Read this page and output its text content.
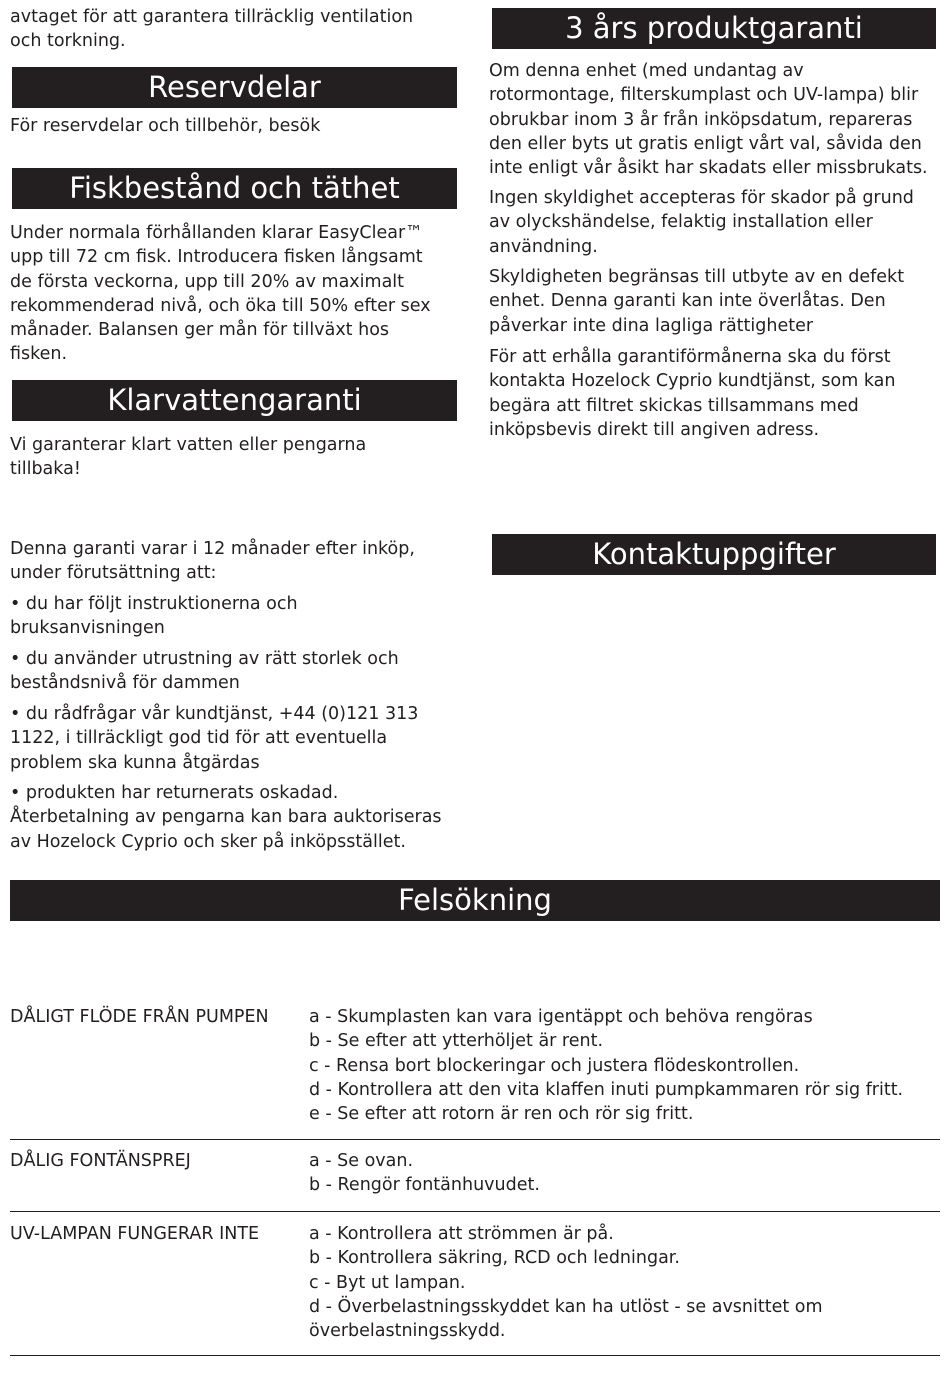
avtaget för att garantera tillräcklig ventilation
och torkning.

Reservdelar

För reservdelar och tillbehör, besök

Fiskbestånd och täthet

Under normala förhållanden klarar EasyClear™
upp till 72 cm fisk. Introducera fisken långsamt
de första veckorna, upp till 20% av maximalt
rekommenderad nivå, och öka till 50% efter sex
månader. Balansen ger mån för tillväxt hos
fisken.

Klarvattengaranti

Vi garanterar klart vatten eller pengarna
tillbaka!

Denna garanti varar i 12 månader efter inköp,
under förutsättning att:

• du har följt instruktionerna och
bruksanvisningen

• du använder utrustning av rätt storlek och
beståndsnivå för dammen

• du rådfrågar vår kundtjänst, +44 (0)121 313
1122, i tillräckligt god tid för att eventuella
problem ska kunna åtgärdas

• produkten har returnerats oskadad.
Återbetalning av pengarna kan bara auktoriseras
av Hozelock Cyprio och sker på inköpsstället.

3 års produktgaranti

Om denna enhet (med undantag av
rotormontage, filterskumplast och UV-lampa) blir
obrukbar inom 3 år från inköpsdatum, repareras
den eller byts ut gratis enligt vårt val, såvida den
inte enligt vår åsikt har skadats eller missbrukats.

Ingen skyldighet accepteras för skador på grund
av olyckshändelse, felaktig installation eller
användning.

Skyldigheten begränsas till utbyte av en defekt
enhet. Denna garanti kan inte överlåtas. Den
påverkar inte dina lagliga rättigheter

För att erhålla garantiförmånerna ska du först
kontakta Hozelock Cyprio kundtjänst, som kan
begära att filtret skickas tillsammans med
inköpsbevis direkt till angiven adress.

Kontaktuppgifter
Felsökning
DÅLIGT FLÖDE FRÅN PUMPEN a - Skumplasten kan vara igentäppt och behöva rengöras
b - Se efter att ytterhöljet är rent.
c - Rensa bort blockeringar och justera flödeskontrollen.
d - Kontrollera att den vita klaffen inuti pumpkammaren rör sig fritt.
e - Se efter att rotorn är ren och rör sig fritt.
DÅLIG FONTÄNSPREJ	a - Se ovan.
b - Rengör fontänhuvudet.
UV-LAMPAN FUNGERAR INTE	a - Kontrollera att strömmen är på.
b - Kontrollera säkring, RCD och ledningar.
c - Byt ut lampan.
d - Överbelastningsskyddet kan ha utlöst - se avsnittet om
överbelastningsskydd.
